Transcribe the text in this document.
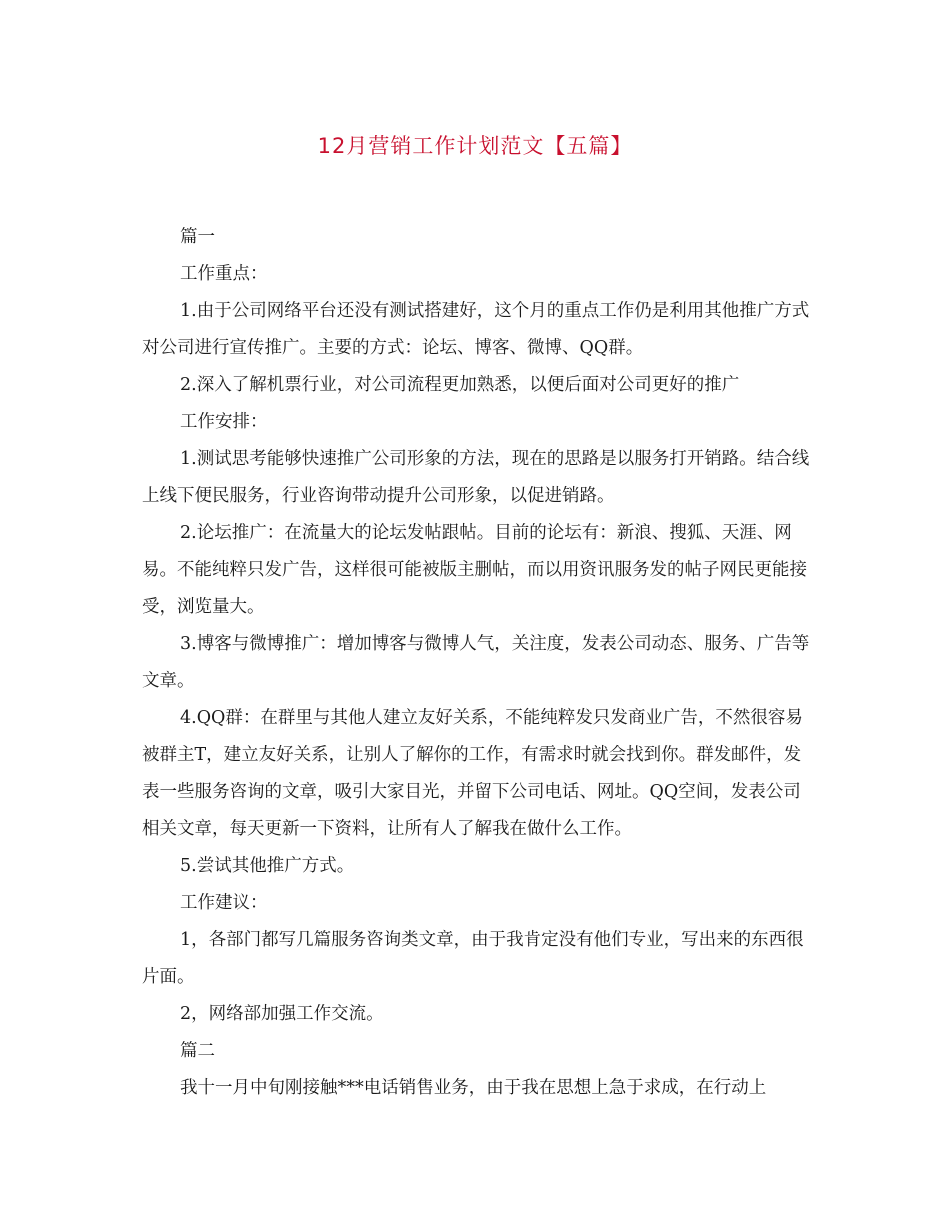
12月营销工作计划范文【五篇】

篇一

工作重点：

1.由于公司网络平台还没有测试搭建好，这个月的重点工作仍是利用其他推广方式对公司进行宣传推广。主要的方式：论坛、博客、微博、QQ群。

2.深入了解机票行业，对公司流程更加熟悉，以便后面对公司更好的推广

工作安排：

1.测试思考能够快速推广公司形象的方法，现在的思路是以服务打开销路。结合线上线下便民服务，行业咨询带动提升公司形象，以促进销路。

2.论坛推广：在流量大的论坛发帖跟帖。目前的论坛有：新浪、搜狐、天涯、网易。不能纯粹只发广告，这样很可能被版主删帖，而以用资讯服务发的帖子网民更能接受，浏览量大。

3.博客与微博推广：增加博客与微博人气，关注度，发表公司动态、服务、广告等文章。

4.QQ群：在群里与其他人建立友好关系，不能纯粹发只发商业广告，不然很容易被群主T，建立友好关系，让别人了解你的工作，有需求时就会找到你。群发邮件，发表一些服务咨询的文章，吸引大家目光，并留下公司电话、网址。QQ空间，发表公司相关文章，每天更新一下资料，让所有人了解我在做什么工作。

5.尝试其他推广方式。

工作建议：

1，各部门都写几篇服务咨询类文章，由于我肯定没有他们专业，写出来的东西很片面。

2，网络部加强工作交流。

篇二

我十一月中旬刚接触***电话销售业务，由于我在思想上急于求成，在行动上
